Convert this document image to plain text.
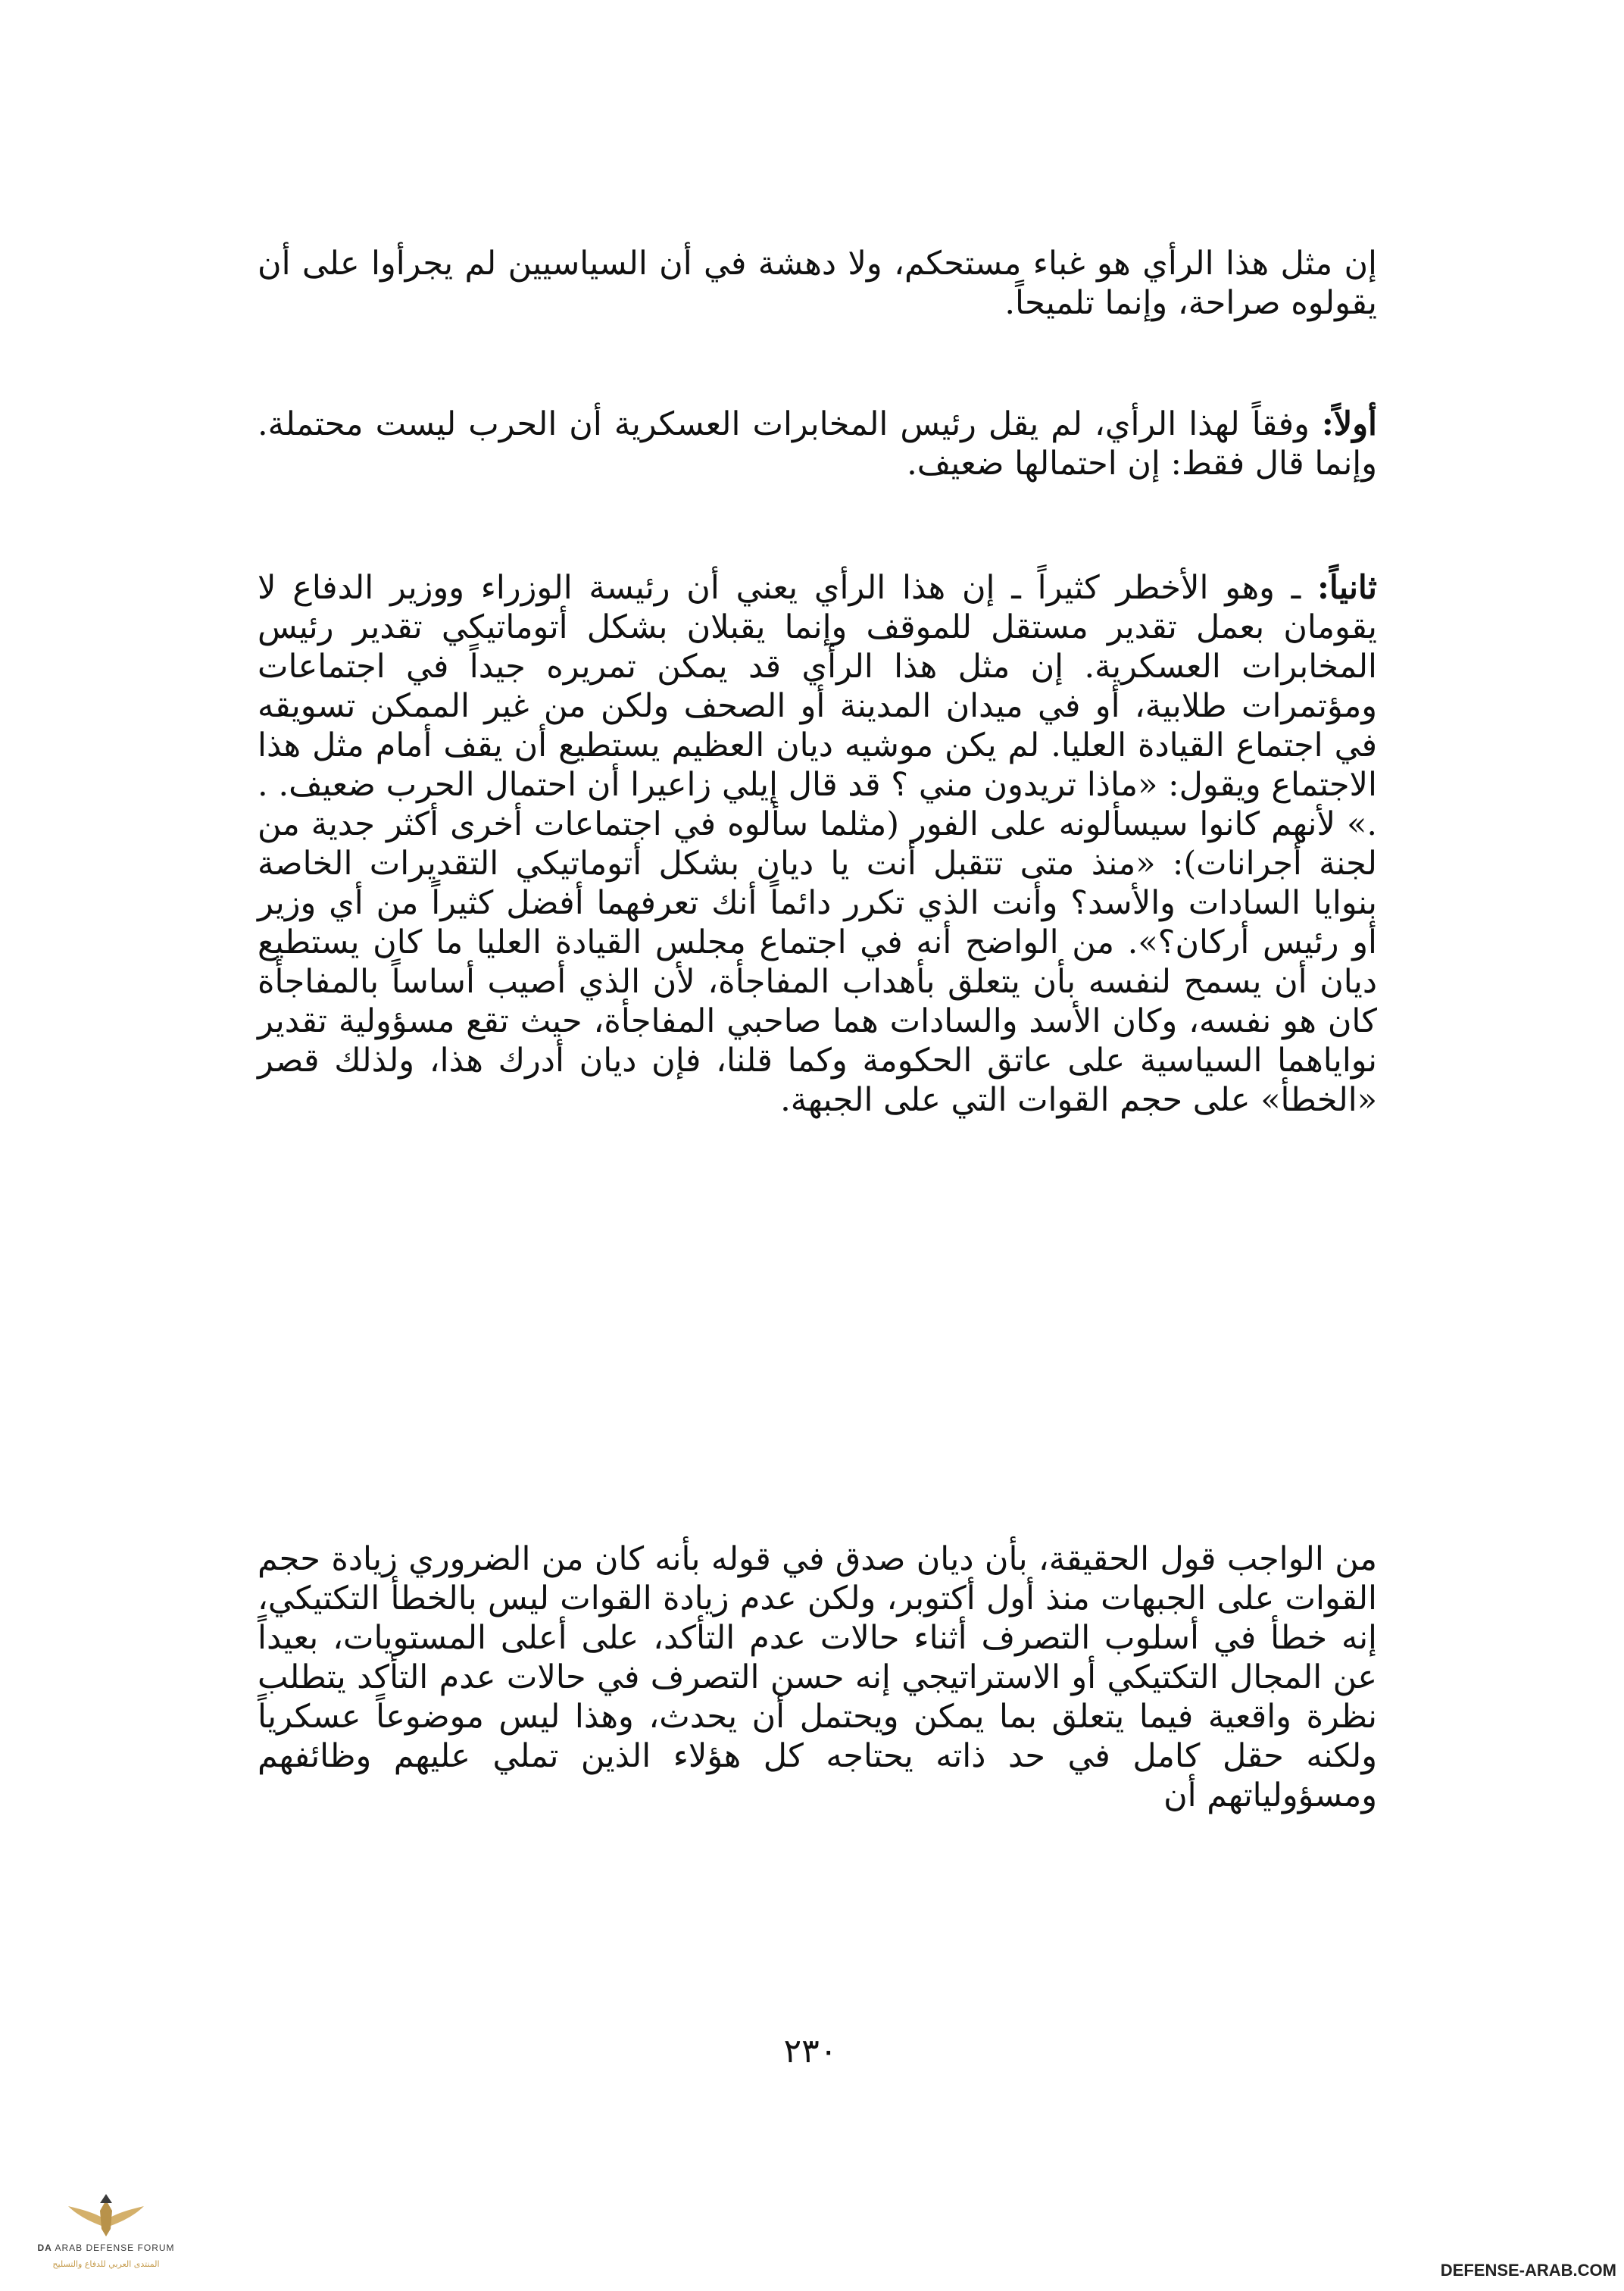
إن مثل هذا الرأي هو غباء مستحكم، ولا دهشة في أن السياسيين لم يجرأوا على أن يقولوه صراحة، وإنما تلميحاً.

أولاً: وفقاً لهذا الرأي، لم يقل رئيس المخابرات العسكرية أن الحرب ليست محتملة. وإنما قال فقط: إن احتمالها ضعيف.

ثانياً: ـ وهو الأخطر كثيراً ـ إن هذا الرأي يعني أن رئيسة الوزراء ووزير الدفاع لا يقومان بعمل تقدير مستقل للموقف وإنما يقبلان بشكل أتوماتيكي تقدير رئيس المخابرات العسكرية. إن مثل هذا الرأي قد يمكن تمريره جيداً في اجتماعات ومؤتمرات طلابية، أو في ميدان المدينة أو الصحف ولكن من غير الممكن تسويقه في اجتماع القيادة العليا. لم يكن موشيه ديان العظيم يستطيع أن يقف أمام مثل هذا الاجتماع ويقول: «ماذا تريدون مني ؟ قد قال إيلي زاعيرا أن احتمال الحرب ضعيف. . .» لأنهم كانوا سيسألونه على الفور (مثلما سألوه في اجتماعات أخرى أكثر جدية من لجنة أجرانات): «منذ متى تتقبل أنت يا ديان بشكل أتوماتيكي التقديرات الخاصة بنوايا السادات والأسد؟ وأنت الذي تكرر دائماً أنك تعرفهما أفضل كثيراً من أي وزير أو رئيس أركان؟». من الواضح أنه في اجتماع مجلس القيادة العليا ما كان يستطيع ديان أن يسمح لنفسه بأن يتعلق بأهداب المفاجأة، لأن الذي أصيب أساساً بالمفاجأة كان هو نفسه، وكان الأسد والسادات هما صاحبي المفاجأة، حيث تقع مسؤولية تقدير نواياهما السياسية على عاتق الحكومة وكما قلنا، فإن ديان أدرك هذا، ولذلك قصر «الخطأ» على حجم القوات التي على الجبهة.

من الواجب قول الحقيقة، بأن ديان صدق في قوله بأنه كان من الضروري زيادة حجم القوات على الجبهات منذ أول أكتوبر، ولكن عدم زيادة القوات ليس بالخطأ التكتيكي، إنه خطأ في أسلوب التصرف أثناء حالات عدم التأكد، على أعلى المستويات، بعيداً عن المجال التكتيكي أو الاستراتيجي إنه حسن التصرف في حالات عدم التأكد يتطلب نظرة واقعية فيما يتعلق بما يمكن ويحتمل أن يحدث، وهذا ليس موضوعاً عسكرياً ولكنه حقل كامل في حد ذاته يحتاجه كل هؤلاء الذين تملي عليهم وظائفهم ومسؤولياتهم أن

٢٣٠
DA ARAB DEFENSE FORUM
المنتدى العربي للدفاع والتسليح	DEFENSE-ARAB.COM
